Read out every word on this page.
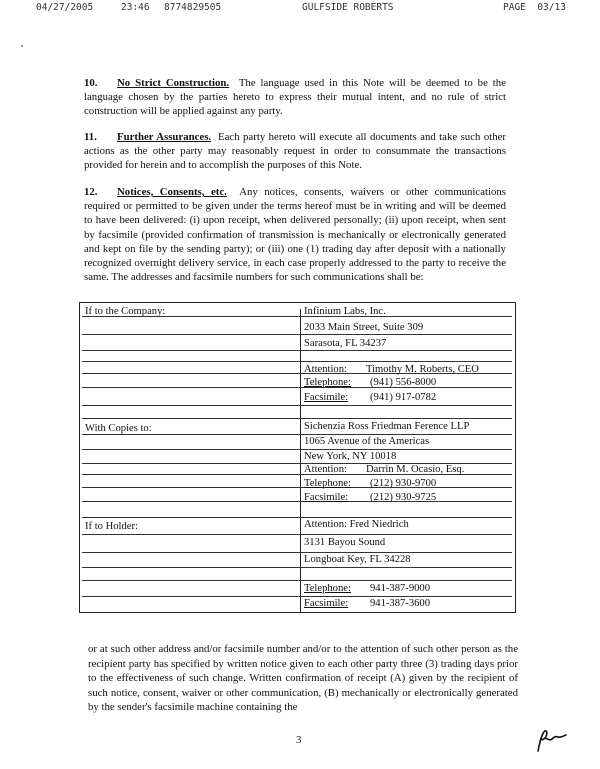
04/27/2005	23:46 8774829505	GULFSIDE ROBERTS	PAGE  03/13
10. No Strict Construction. The language used in this Note will be deemed to be the language chosen by the parties hereto to express their mutual intent, and no rule of strict construction will be applied against any party.
11. Further Assurances. Each party hereto will execute all documents and take such other actions as the other party may reasonably request in order to consummate the transactions provided for herein and to accomplish the purposes of this Note.
12. Notices, Consents, etc. Any notices, consents, waivers or other communications required or permitted to be given under the terms hereof must be in writing and will be deemed to have been delivered: (i) upon receipt, when delivered personally; (ii) upon receipt, when sent by facsimile (provided confirmation of transmission is mechanically or electronically generated and kept on file by the sending party); or (iii) one (1) trading day after deposit with a nationally recognized overnight delivery service, in each case properly addressed to the party to receive the same. The addresses and facsimile numbers for such communications shall be:
If to the Company:	Infinium Labs, Inc.
2033 Main Street, Suite 309
Sarasota, FL 34237
Attention: Timothy M. Roberts, CEO
Telephone: (941) 556-8000
Facsimile: (941) 917-0782
With Copies to:	Sichenzia Ross Friedman Ference LLP
1065 Avenue of the Americas
New York, NY 10018
Attention: Darrin M. Ocasio, Esq.
Telephone: (212) 930-9700
Facsimile: (212) 930-9725
If to Holder:	Attention: Fred Niedrich
3131 Bayou Sound
Longboat Key, FL 34228
Telephone: 941-387-9000
Facsimile: 941-387-3600
or at such other address and/or facsimile number and/or to the attention of such other person as the recipient party has specified by written notice given to each other party three (3) trading days prior to the effectiveness of such change. Written confirmation of receipt (A) given by the recipient of such notice, consent, waiver or other communication, (B) mechanically or electronically generated by the sender's facsimile machine containing the
3
